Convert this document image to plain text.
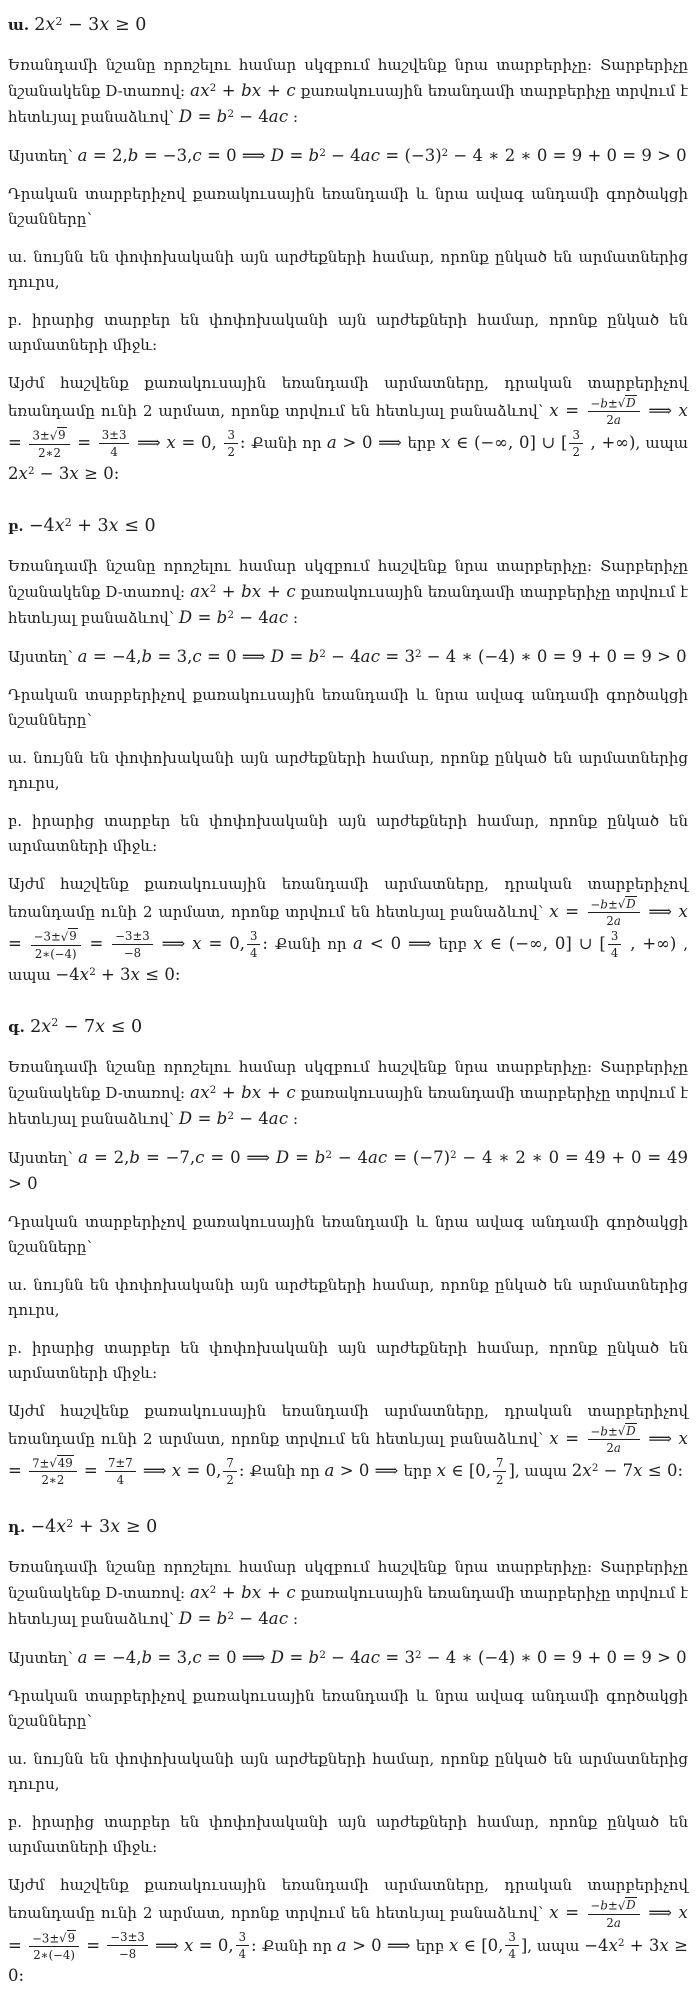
ա. $2x^2 - 3x \ge 0$

Եռանդամի նշանը որոշելու համար սկզբում հաշվենք նրա տարբերիչը: Տարբերիչը նշանակենք D-տառով: $ax^2$ + bx + c քառակուսային եռանդամի տարբերիչը տրվում է հետևյալ բանաձևով՝ $D = b^2 - 4ac$ :

Այստեղ՝ a = 2,b = −3,c = 0 ⟹ $D = b^2 - 4ac = (-3)^2 - 4$ ∗ 2 ∗ 0 = 9 + 0 = 9 > 0

Դրական տարբերիչով քառակուսային եռանդամի և նրա ավագ անդամի գործակցի նշանները՝

ա. նույնն են փոփոխականի այն արժեքների համար, որոնք ընկած են արմատներից դուրս,

բ. իրարից տարբեր են փոփոխականի այն արժեքների համար, որոնք ընկած են արմատների միջև:

Այժմ հաշվենք քառակուսային եռանդամի արմատները, դրական տարբերիչով եռանդամը ունի 2 արմատ, որոնք տրվում են հետևյալ բանաձևով՝ $x = \frac{-b\pm √ D}{2a}$ ⟹ $x = \frac{3\pm √ 9}{2∗2} = \frac{3\pm 3}{4}$ ⟹ x = 0, $\frac{3}{2}$ : Քանի որ a > 0 ⟹ երբ x ∈ (−∞, 0] ∪ [ $\frac{3}{2}$ , +∞), ապա $2x^2 - 3x \ge 0$:

բ. $-4x^2 + 3x \le 0$

Եռանդամի նշանը որոշելու համար սկզբում հաշվենք նրա տարբերիչը: Տարբերիչը նշանակենք D-տառով: $ax^2$ + bx + c քառակուսային եռանդամի տարբերիչը տրվում է հետևյալ բանաձևով՝ $D = b^2 - 4ac$ :

Այստեղ՝ a = −4,b = 3,c = 0 ⟹ $D = b^2 - 4ac = 3^2 - 4$ ∗ (−4) ∗ 0 = 9 + 0 = 9 > 0

Դրական տարբերիչով քառակուսային եռանդամի և նրա ավագ անդամի գործակցի նշանները՝

ա. նույնն են փոփոխականի այն արժեքների համար, որոնք ընկած են արմատներից դուրս,

բ. իրարից տարբեր են փոփոխականի այն արժեքների համար, որոնք ընկած են արմատների միջև:

Այժմ հաշվենք քառակուսային եռանդամի արմատները, դրական տարբերիչով եռանդամը ունի 2 արմատ, որոնք տրվում են հետևյալ բանաձևով՝ $x = \frac{-b\pm √ D}{2a}$ ⟹ $x = \frac{-3\pm √ 9}{2∗(-4)} = \frac{-3\pm 3}{-8}$ ⟹ x = 0, $\frac{3}{4}$ : Քանի որ a < 0 ⟹ երբ x ∈ (−∞, 0] ∪ [ $\frac{3}{4}$ , +∞) , ապա $-4x^2 + 3x \le 0$:

գ. $2x^2 - 7x \le 0$

Եռանդամի նշանը որոշելու համար սկզբում հաշվենք նրա տարբերիչը: Տարբերիչը նշանակենք D-տառով: $ax^2$ + bx + c քառակուսային եռանդամի տարբերիչը տրվում է հետևյալ բանաձևով՝ $D = b^2 - 4ac$ :

Այստեղ՝ a = 2,b = −7,c = 0 ⟹ $D = b^2 - 4ac = (-7)^2 - 4$ ∗ 2 ∗ 0 = 49 + 0 = 49 > 0

Դրական տարբերիչով քառակուսային եռանդամի և նրա ավագ անդամի գործակցի նշանները՝

ա. նույնն են փոփոխականի այն արժեքների համար, որոնք ընկած են արմատներից դուրս,

բ. իրարից տարբեր են փոփոխականի այն արժեքների համար, որոնք ընկած են արմատների միջև:

Այժմ հաշվենք քառակուսային եռանդամի արմատները, դրական տարբերիչով եռանդամը ունի 2 արմատ, որոնք տրվում են հետևյալ բանաձևով՝ $x = \frac{-b\pm √ D}{2a}$ ⟹ $x = \frac{7\pm √ 49}{2∗2} = \frac{7\pm 7}{4}$ ⟹ x = 0, $\frac{7}{2}$ : Քանի որ a > 0 ⟹ երբ x ∈ [0, $\frac{7}{2}$ ], ապա $2x^2 - 7x \le 0$:

դ. $-4x^2 + 3x \ge 0$

Եռանդամի նշանը որոշելու համար սկզբում հաշվենք նրա տարբերիչը: Տարբերիչը նշանակենք D-տառով: $ax^2$ + bx + c քառակուսային եռանդամի տարբերիչը տրվում է հետևյալ բանաձևով՝ $D = b^2 - 4ac$ :

Այստեղ՝ a = −4,b = 3,c = 0 ⟹ $D = b^2 - 4ac = 3^2 - 4$ ∗ (−4) ∗ 0 = 9 + 0 = 9 > 0

Դրական տարբերիչով քառակուսային եռանդամի և նրա ավագ անդամի գործակցի նշանները՝

ա. նույնն են փոփոխականի այն արժեքների համար, որոնք ընկած են արմատներից դուրս,

բ. իրարից տարբեր են փոփոխականի այն արժեքների համար, որոնք ընկած են արմատների միջև:

Այժմ հաշվենք քառակուսային եռանդամի արմատները, դրական տարբերիչով եռանդամը ունի 2 արմատ, որոնք տրվում են հետևյալ բանաձևով՝ $x = \frac{-b\pm √ D}{2a}$ ⟹ $x = \frac{-3\pm √ 9}{2∗(-4)} = \frac{-3\pm 3}{-8}$ ⟹ x = 0, $\frac{3}{4}$ : Քանի որ a > 0 ⟹ երբ x ∈ [0, $\frac{3}{4}$ ], ապա $-4x^2 + 3x \ge 0$:
